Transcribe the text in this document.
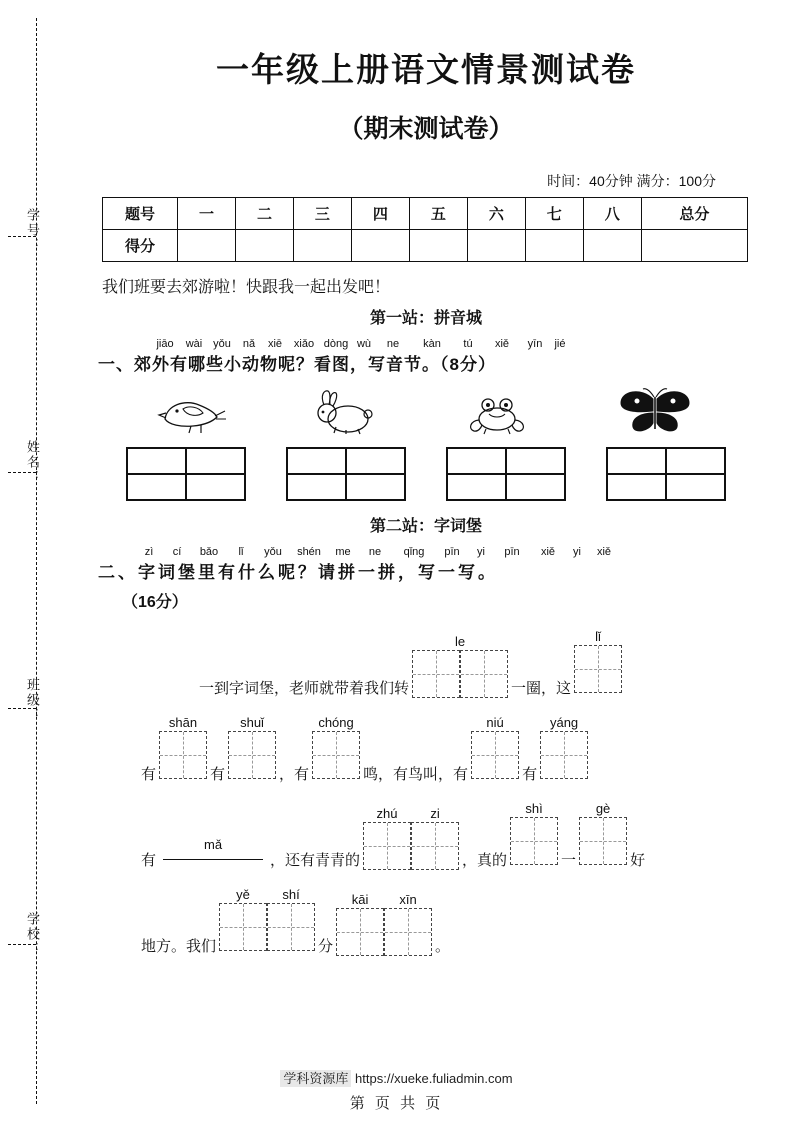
学号：
姓名：
班级：
学校：
一年级上册语文情景测试卷
（期末测试卷）
时间：40分钟 满分：100分
题号	一	二	三	四	五	六	七	八	总分
得分									
我们班要去郊游啦！快跟我一起出发吧！
第一站：拼音城
jiāo wài yǒu nǎ xiē xiǎo dòng wù ne kàn tú xiě yīn jié
一、郊外有哪些小动物呢？看图，写音节。（8分）
第二站：字词堡
zì cí bǎo lǐ yǒu shén me ne qǐng pīn yi pīn xiě yi xiě
二、字词堡里有什么呢？请拼一拼，写一写。
（16分）

一到字词堡，老师就带着我们转
le

一圈，这
lǐ

有
shān

有
shuǐ

，有
chóng

鸣，有鸟叫，有
niú

有
yáng

有
mǎ

，还有青青的
zhú	zi

，真的
shì

一
gè

好

地方。我们
yě	shí

分
kāi xīn

。
学科资源库 https://xueke.fuliadmin.com
第 页 共 页
